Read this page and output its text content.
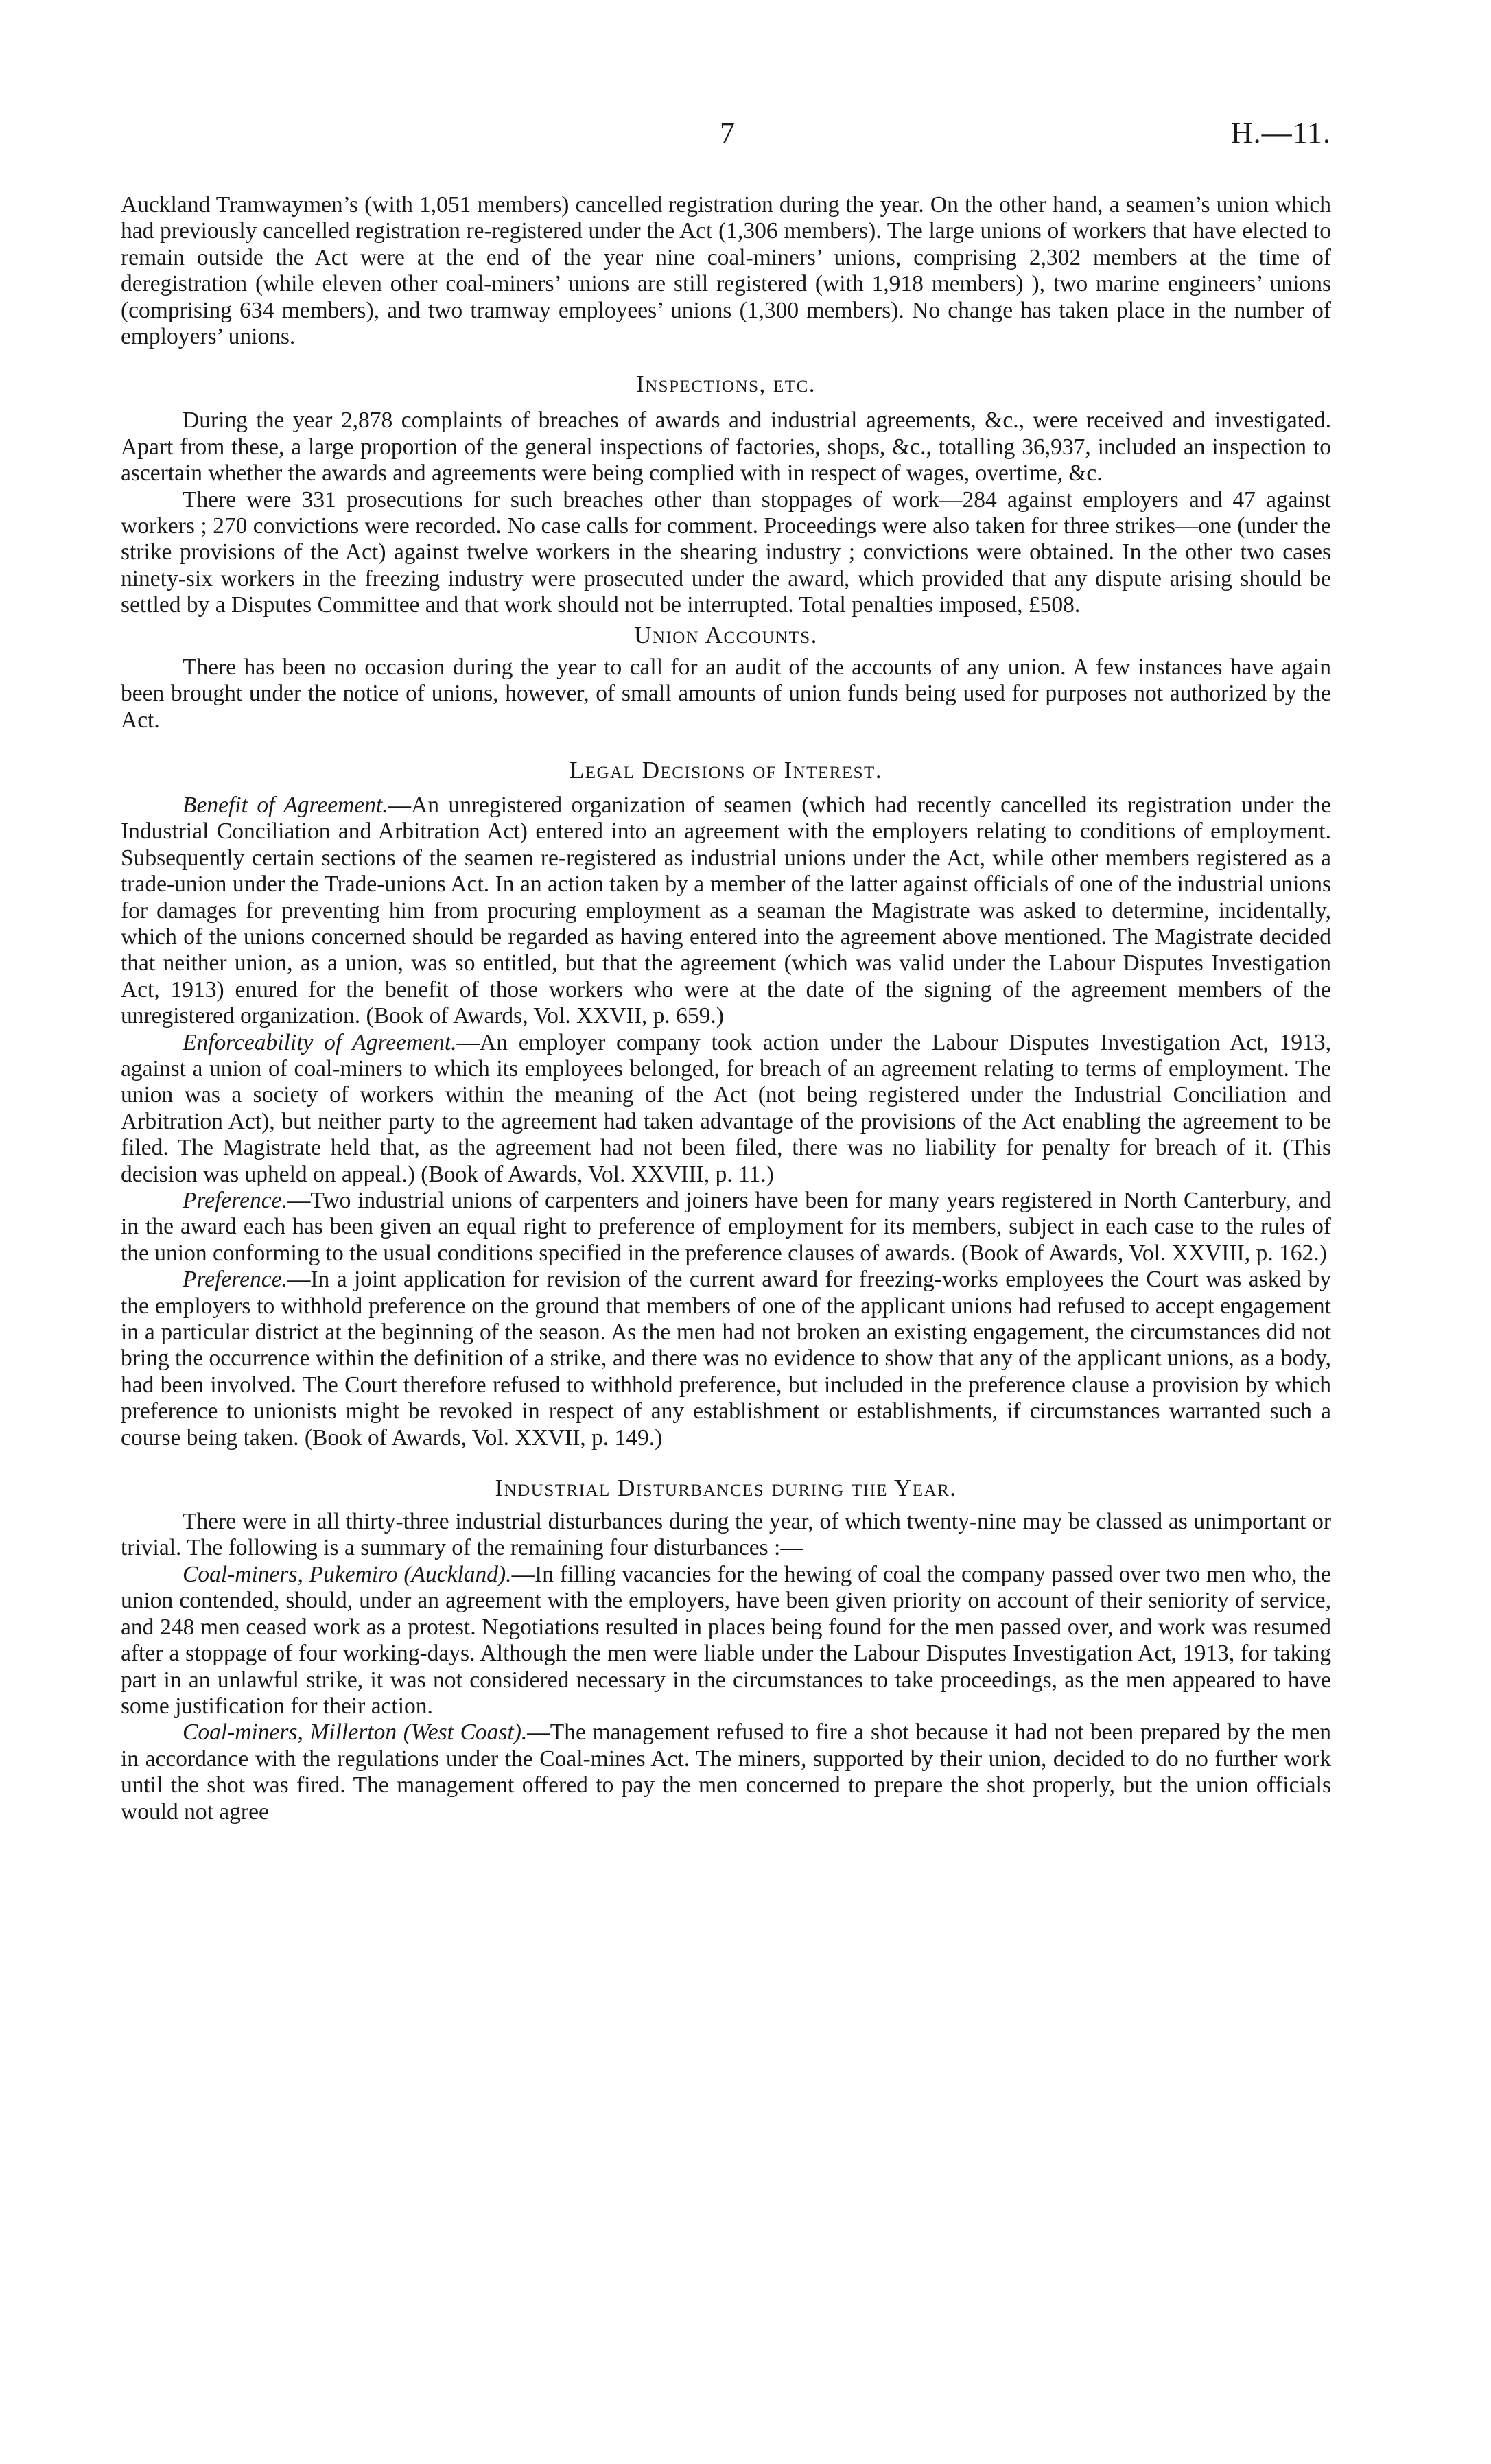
7	H.—11.

Auckland Tramwaymen’s (with 1,051 members) cancelled registration during the year. On the other hand, a seamen’s union which had previously cancelled registration re-registered under the Act (1,306 members). The large unions of workers that have elected to remain outside the Act were at the end of the year nine coal-miners’ unions, comprising 2,302 members at the time of deregistration (while eleven other coal-miners’ unions are still registered (with 1,918 members) ), two marine engineers’ unions (comprising 634 members), and two tramway employees’ unions (1,300 members). No change has taken place in the number of employers’ unions.

Inspections, etc.

During the year 2,878 complaints of breaches of awards and industrial agreements, &c., were received and investigated. Apart from these, a large proportion of the general inspections of factories, shops, &c., totalling 36,937, included an inspection to ascertain whether the awards and agreements were being complied with in respect of wages, overtime, &c.

There were 331 prosecutions for such breaches other than stoppages of work—284 against employers and 47 against workers ; 270 convictions were recorded. No case calls for comment. Proceedings were also taken for three strikes—one (under the strike provisions of the Act) against twelve workers in the shearing industry ; convictions were obtained. In the other two cases ninety-six workers in the freezing industry were prosecuted under the award, which provided that any dispute arising should be settled by a Disputes Committee and that work should not be interrupted. Total penalties imposed, £508.

Union Accounts.

There has been no occasion during the year to call for an audit of the accounts of any union. A few instances have again been brought under the notice of unions, however, of small amounts of union funds being used for purposes not authorized by the Act.

Legal Decisions of Interest.

Benefit of Agreement.—An unregistered organization of seamen (which had recently cancelled its registration under the Industrial Conciliation and Arbitration Act) entered into an agreement with the employers relating to conditions of employment. Subsequently certain sections of the seamen re-registered as industrial unions under the Act, while other members registered as a trade-union under the Trade-unions Act. In an action taken by a member of the latter against officials of one of the industrial unions for damages for preventing him from procuring employment as a seaman the Magistrate was asked to determine, incidentally, which of the unions concerned should be regarded as having entered into the agreement above mentioned. The Magistrate decided that neither union, as a union, was so entitled, but that the agreement (which was valid under the Labour Disputes Investigation Act, 1913) enured for the benefit of those workers who were at the date of the signing of the agreement members of the unregistered organization. (Book of Awards, Vol. XXVII, p. 659.)

Enforceability of Agreement.—An employer company took action under the Labour Disputes Investigation Act, 1913, against a union of coal-miners to which its employees belonged, for breach of an agreement relating to terms of employment. The union was a society of workers within the meaning of the Act (not being registered under the Industrial Conciliation and Arbitration Act), but neither party to the agreement had taken advantage of the provisions of the Act enabling the agreement to be filed. The Magistrate held that, as the agreement had not been filed, there was no liability for penalty for breach of it. (This decision was upheld on appeal.) (Book of Awards, Vol. XXVIII, p. 11.)

Preference.—Two industrial unions of carpenters and joiners have been for many years registered in North Canterbury, and in the award each has been given an equal right to preference of employment for its members, subject in each case to the rules of the union conforming to the usual conditions specified in the preference clauses of awards. (Book of Awards, Vol. XXVIII, p. 162.)

Preference.—In a joint application for revision of the current award for freezing-works employees the Court was asked by the employers to withhold preference on the ground that members of one of the applicant unions had refused to accept engagement in a particular district at the beginning of the season. As the men had not broken an existing engagement, the circumstances did not bring the occurrence within the definition of a strike, and there was no evidence to show that any of the applicant unions, as a body, had been involved. The Court therefore refused to withhold preference, but included in the preference clause a provision by which preference to unionists might be revoked in respect of any establishment or establishments, if circumstances warranted such a course being taken. (Book of Awards, Vol. XXVII, p. 149.)

Industrial Disturbances during the Year.

There were in all thirty-three industrial disturbances during the year, of which twenty-nine may be classed as unimportant or trivial. The following is a summary of the remaining four disturbances :—

Coal-miners, Pukemiro (Auckland).—In filling vacancies for the hewing of coal the company passed over two men who, the union contended, should, under an agreement with the employers, have been given priority on account of their seniority of service, and 248 men ceased work as a protest. Negotiations resulted in places being found for the men passed over, and work was resumed after a stoppage of four working-days. Although the men were liable under the Labour Disputes Investigation Act, 1913, for taking part in an unlawful strike, it was not considered necessary in the circumstances to take proceedings, as the men appeared to have some justification for their action.

Coal-miners, Millerton (West Coast).—The management refused to fire a shot because it had not been prepared by the men in accordance with the regulations under the Coal-mines Act. The miners, supported by their union, decided to do no further work until the shot was fired. The management offered to pay the men concerned to prepare the shot properly, but the union officials would not agree
